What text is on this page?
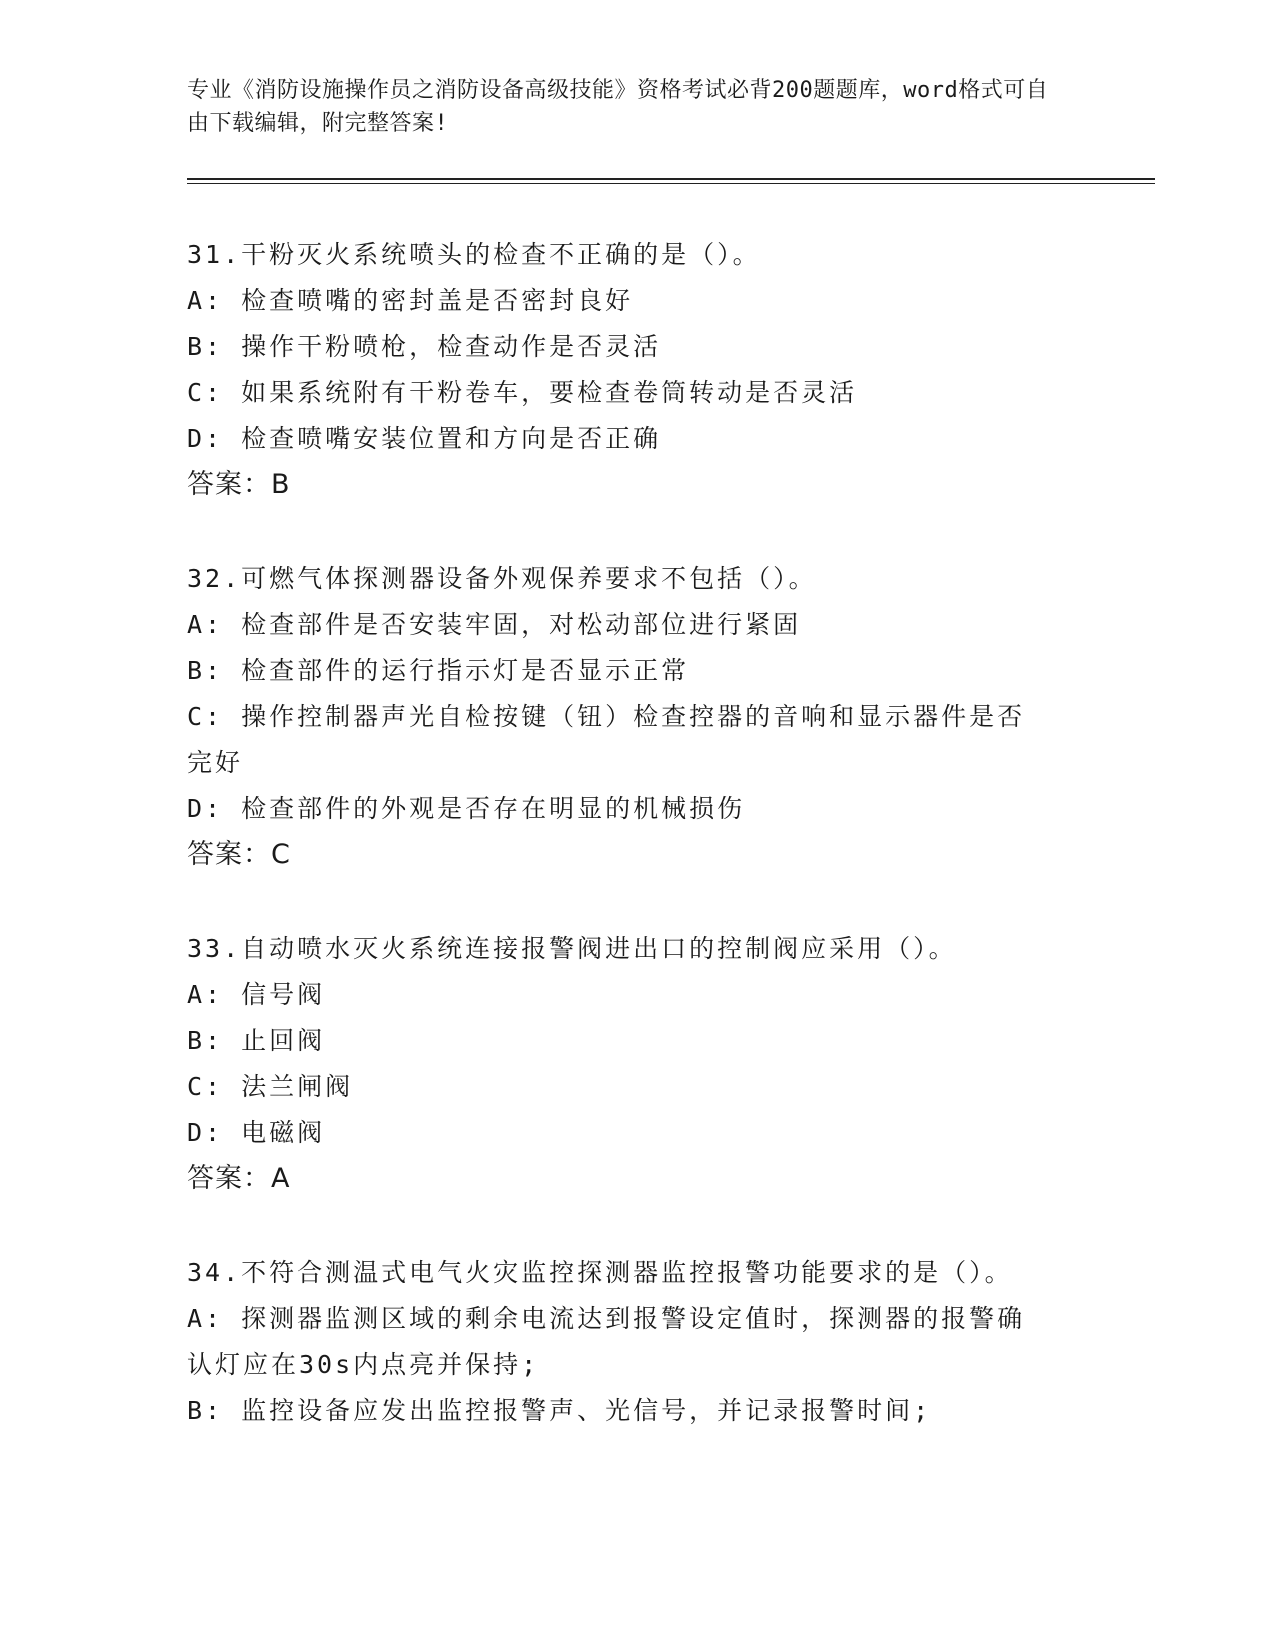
专业《消防设施操作员之消防设备高级技能》资格考试必背200题题库，word格式可自由下载编辑，附完整答案!
31.干粉灭火系统喷头的检查不正确的是（）。
A: 检查喷嘴的密封盖是否密封良好
B: 操作干粉喷枪，检查动作是否灵活
C: 如果系统附有干粉卷车，要检查卷筒转动是否灵活
D: 检查喷嘴安装位置和方向是否正确
答案：B
32.可燃气体探测器设备外观保养要求不包括（）。
A: 检查部件是否安装牢固，对松动部位进行紧固
B: 检查部件的运行指示灯是否显示正常
C: 操作控制器声光自检按键（钮）检查控器的音响和显示器件是否完好
D: 检查部件的外观是否存在明显的机械损伤
答案：C
33.自动喷水灭火系统连接报警阀进出口的控制阀应采用（）。
A: 信号阀
B: 止回阀
C: 法兰闸阀
D: 电磁阀
答案：A
34.不符合测温式电气火灾监控探测器监控报警功能要求的是（）。
A: 探测器监测区域的剩余电流达到报警设定值时，探测器的报警确认灯应在30s内点亮并保持;
B: 监控设备应发出监控报警声、光信号，并记录报警时间;
